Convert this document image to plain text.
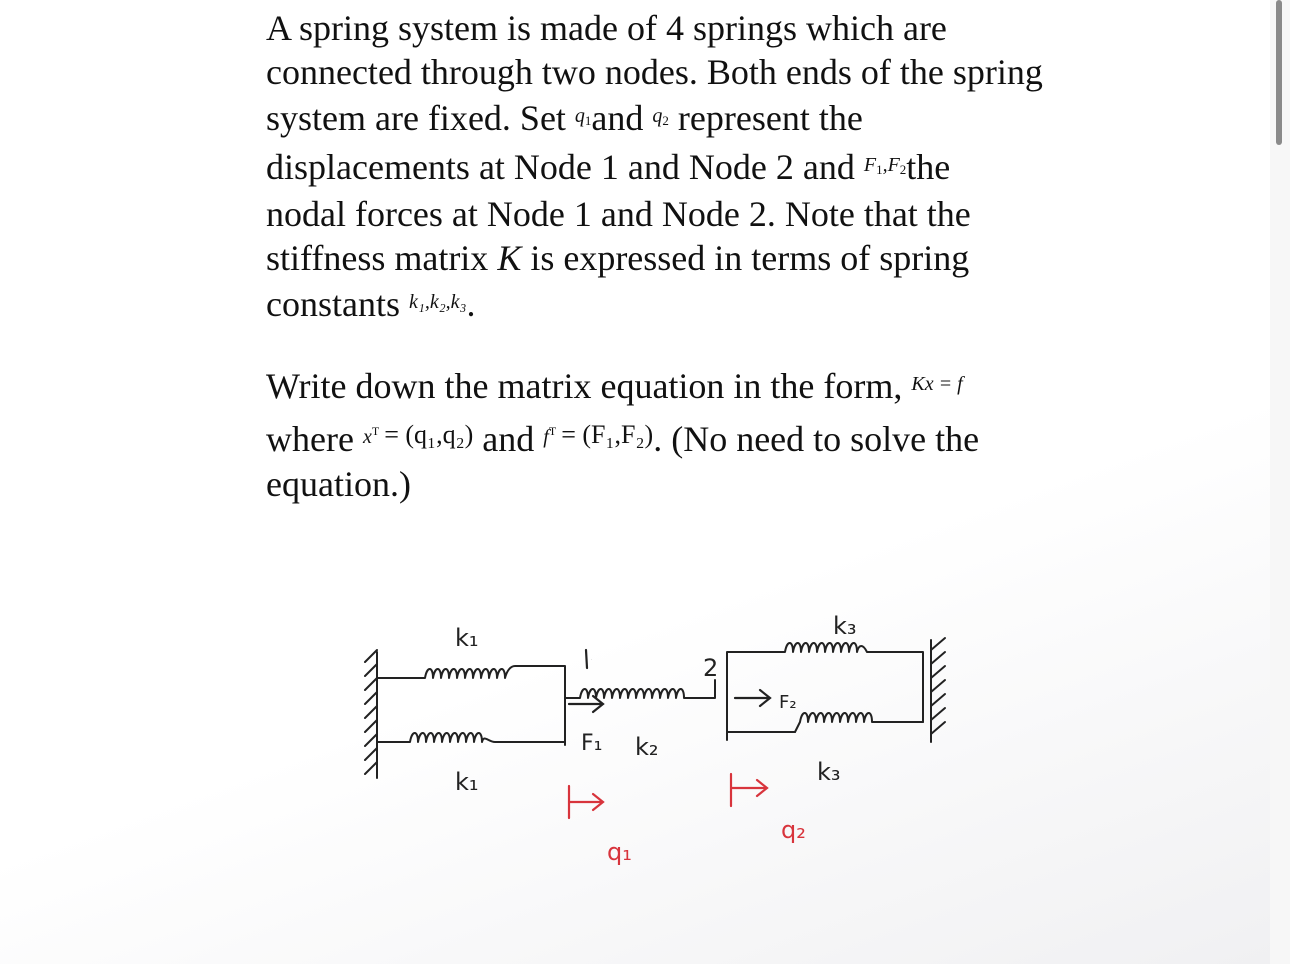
A spring system is made of 4 springs which are

connected through two nodes. Both ends of the spring

system are fixed. Set $^{q1}$and $^{q2}$ represent the

displacements at Node 1 and Node 2 and $^{F1,F2}$the

nodal forces at Node 1 and Node 2. Note that the

stiffness matrix K is expressed in terms of spring

constants $^{k_1,k_2,k_3}$.

Write down the matrix equation in the form, $^{Kx = f}$

where $^{x^T = (q_1,q_2)}$ and $^{f^T = (F_1,F_2)}$. (No need to solve the

equation.)

k₁
k₁
k₂
k₃
k₃
2
1
F₁
F₂
q₁
q₂
